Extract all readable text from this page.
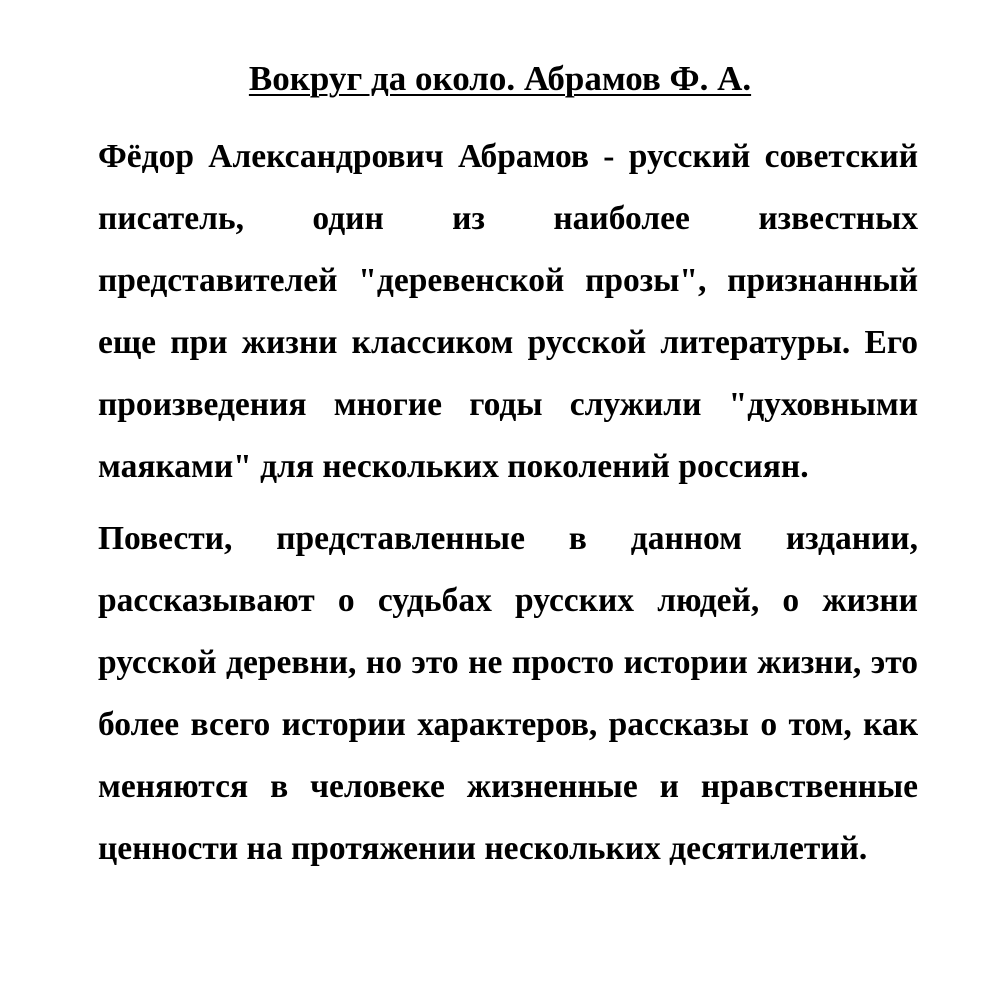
Вокруг да около. Абрамов Ф. А.

Фёдор Александрович Абрамов - русский советский писатель, один из наиболее известных представителей "деревенской прозы", признанный еще при жизни классиком русской литературы. Его произведения многие годы служили "духовными маяками" для нескольких поколений россиян.

Повести, представленные в данном издании, рассказывают о судьбах русских людей, о жизни русской деревни, но это не просто истории жизни, это более всего истории характеров, рассказы о том, как меняются в человеке жизненные и нравственные ценности на протяжении нескольких десятилетий.
